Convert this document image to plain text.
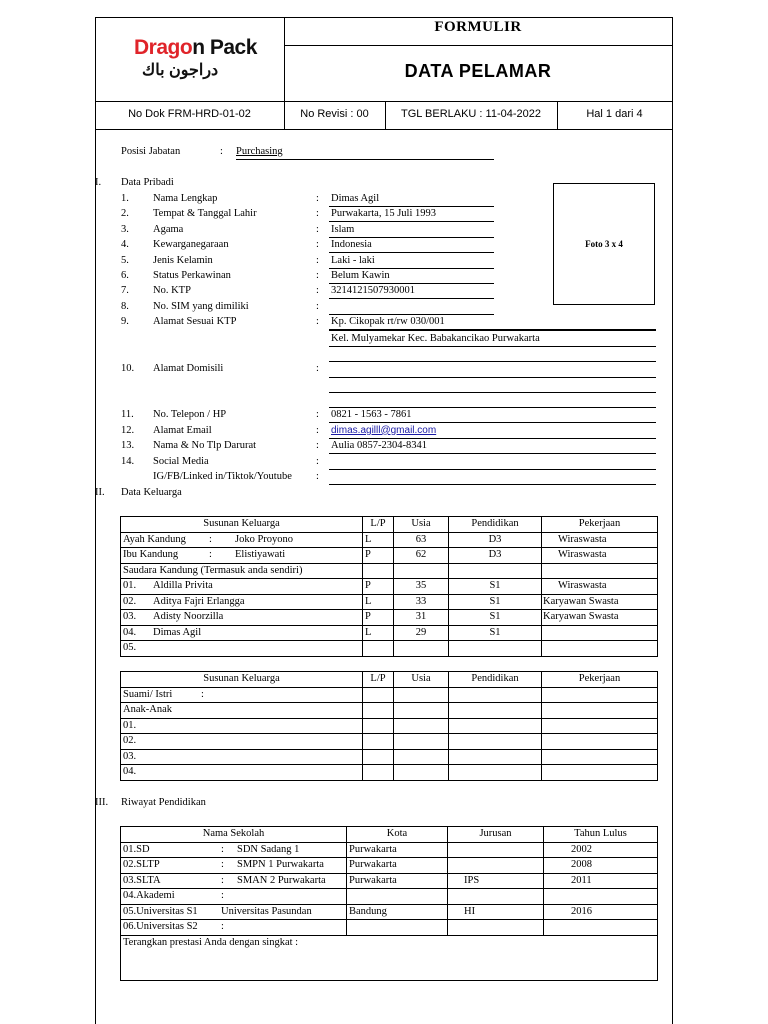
Dragon Pack
دراجون باك
FORMULIR
DATA PELAMAR
No Dok FRM-HRD-01-02	No Revisi : 00	TGL BERLAKU : 11-04-2022	Hal 1 dari 4
Posisi Jabatan	: Purchasing
I. Data Pribadi
Foto 3 x 4
1. Nama Lengkap	: Dimas Agil
2. Tempat & Tanggal Lahir	: Purwakarta, 15 Juli 1993
3. Agama	: Islam
4. Kewarganegaraan	: Indonesia
5. Jenis Kelamin	: Laki - laki
6. Status Perkawinan	: Belum Kawin
7. No. KTP	: 3214121507930001
8. No. SIM yang dimiliki	:
9. Alamat Sesuai KTP	: Kp. Cikopak rt/rw 030/001
Kel. Mulyamekar Kec. Babakancikao Purwakarta
10. Alamat Domisili	:
11. No. Telepon / HP	: 0821 - 1563 - 7861
12. Alamat Email	: dimas.agilll@gmail.com
13. Nama & No Tlp Darurat	: Aulia 0857-2304-8341
14. Social Media	:
IG/FB/Linked in/Tiktok/Youtube :
II. Data Keluarga
Susunan Keluarga	L/P	Usia	Pendidikan	Pekerjaan
Ayah Kandung : Joko Proyono	L	63	D3	Wiraswasta
Ibu Kandung : Elistiyawati	P	62	D3	Wiraswasta
Saudara Kandung (Termasuk anda sendiri)				
01. Aldilla Privita	P	35	S1	Wiraswasta
02. Aditya Fajri Erlangga	L	33	S1	Karyawan Swasta
03. Adisty Noorzilla	P	31	S1	Karyawan Swasta
04. Dimas Agil	L	29	S1	
05.				
Susunan Keluarga	L/P	Usia	Pendidikan	Pekerjaan
Suami/ Istri :				

Anak-Anak				
01.				
02.				
03.				
04.				
III. Riwayat Pendidikan
Nama Sekolah	Kota	Jurusan	Tahun Lulus
01.SD : SDN Sadang 1	Purwakarta		2002
02.SLTP : SMPN 1 Purwakarta	Purwakarta		2008
03.SLTA : SMAN 2 Purwakarta	Purwakarta	IPS	2011
04.Akademi :			

05.Universitas S1 Universitas Pasundan	Bandung	HI	2016
06.Universitas S2 :			

Terangkan prestasi Anda dengan singkat :			
